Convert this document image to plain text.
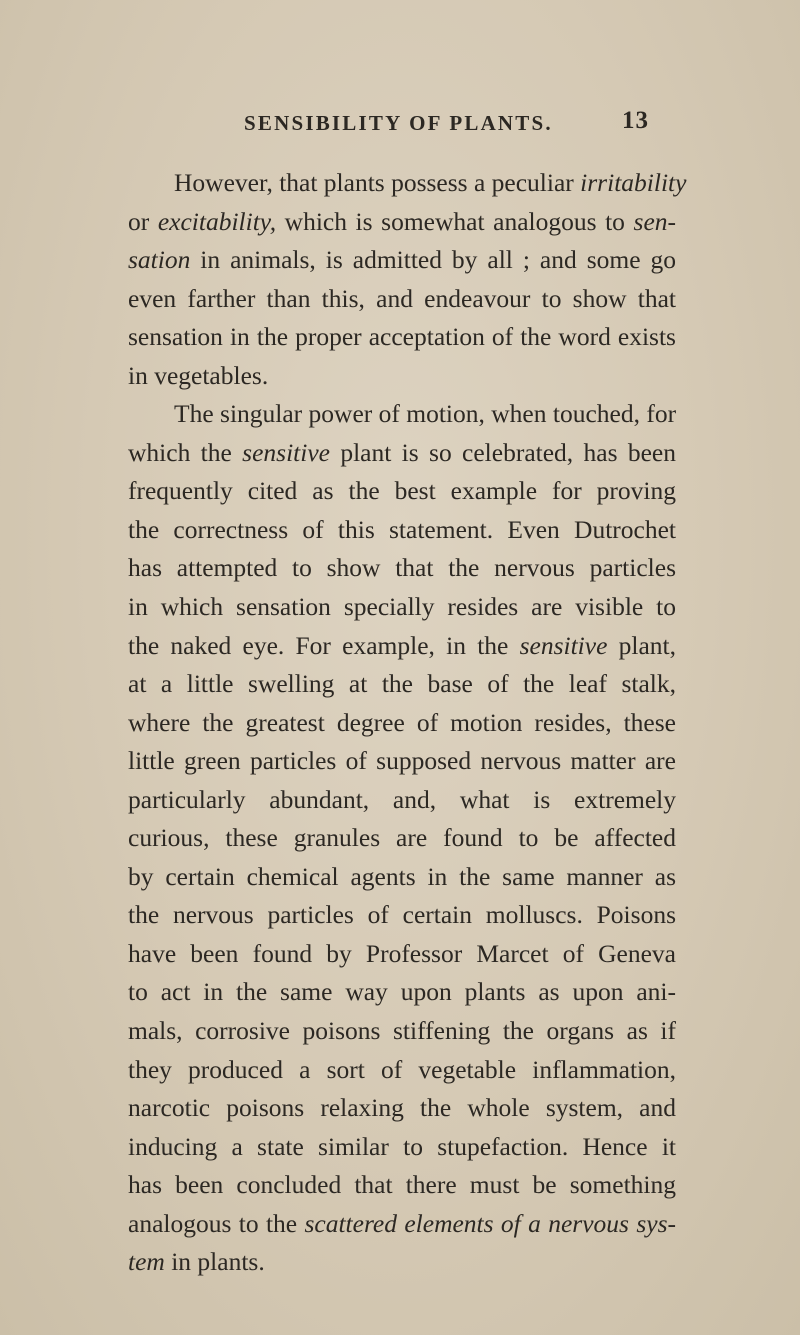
SENSIBILITY OF PLANTS.	13
However, that plants possess a peculiar irritability
or excitability, which is somewhat analogous to sen-
sation in animals, is admitted by all ; and some go
even farther than this, and endeavour to show that
sensation in the proper acceptation of the word exists
in vegetables.
The singular power of motion, when touched, for
which the sensitive plant is so celebrated, has been
frequently cited as the best example for proving
the correctness of this statement. Even Dutrochet
has attempted to show that the nervous particles
in which sensation specially resides are visible to
the naked eye. For example, in the sensitive plant,
at a little swelling at the base of the leaf stalk,
where the greatest degree of motion resides, these
little green particles of supposed nervous matter are
particularly abundant, and, what is extremely
curious, these granules are found to be affected
by certain chemical agents in the same manner as
the nervous particles of certain molluscs. Poisons
have been found by Professor Marcet of Geneva
to act in the same way upon plants as upon ani-
mals, corrosive poisons stiffening the organs as if
they produced a sort of vegetable inflammation,
narcotic poisons relaxing the whole system, and
inducing a state similar to stupefaction. Hence it
has been concluded that there must be something
analogous to the scattered elements of a nervous sys-
tem in plants.
